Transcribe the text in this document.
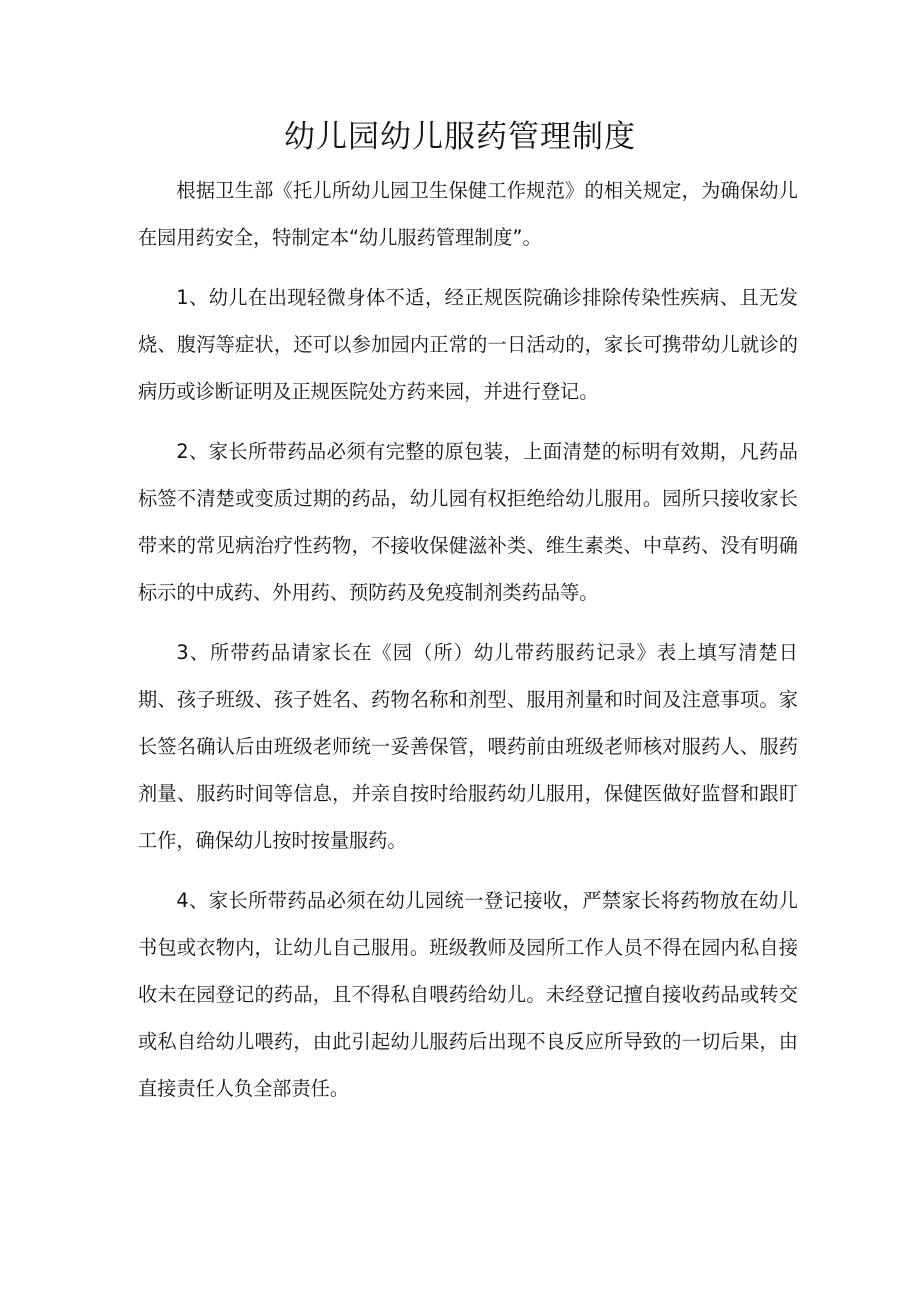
幼儿园幼儿服药管理制度

根据卫生部《托儿所幼儿园卫生保健工作规范》的相关规定，为确保幼儿在园用药安全，特制定本“幼儿服药管理制度”。

1、幼儿在出现轻微身体不适，经正规医院确诊排除传染性疾病、且无发烧、腹泻等症状，还可以参加园内正常的一日活动的，家长可携带幼儿就诊的病历或诊断证明及正规医院处方药来园，并进行登记。

2、家长所带药品必须有完整的原包装，上面清楚的标明有效期，凡药品标签不清楚或变质过期的药品，幼儿园有权拒绝给幼儿服用。园所只接收家长带来的常见病治疗性药物，不接收保健滋补类、维生素类、中草药、没有明确标示的中成药、外用药、预防药及免疫制剂类药品等。

3、所带药品请家长在《园（所）幼儿带药服药记录》表上填写清楚日期、孩子班级、孩子姓名、药物名称和剂型、服用剂量和时间及注意事项。家长签名确认后由班级老师统一妥善保管，喂药前由班级老师核对服药人、服药剂量、服药时间等信息，并亲自按时给服药幼儿服用，保健医做好监督和跟盯工作，确保幼儿按时按量服药。

4、家长所带药品必须在幼儿园统一登记接收，严禁家长将药物放在幼儿书包或衣物内，让幼儿自己服用。班级教师及园所工作人员不得在园内私自接收未在园登记的药品，且不得私自喂药给幼儿。未经登记擅自接收药品或转交或私自给幼儿喂药，由此引起幼儿服药后出现不良反应所导致的一切后果，由直接责任人负全部责任。
